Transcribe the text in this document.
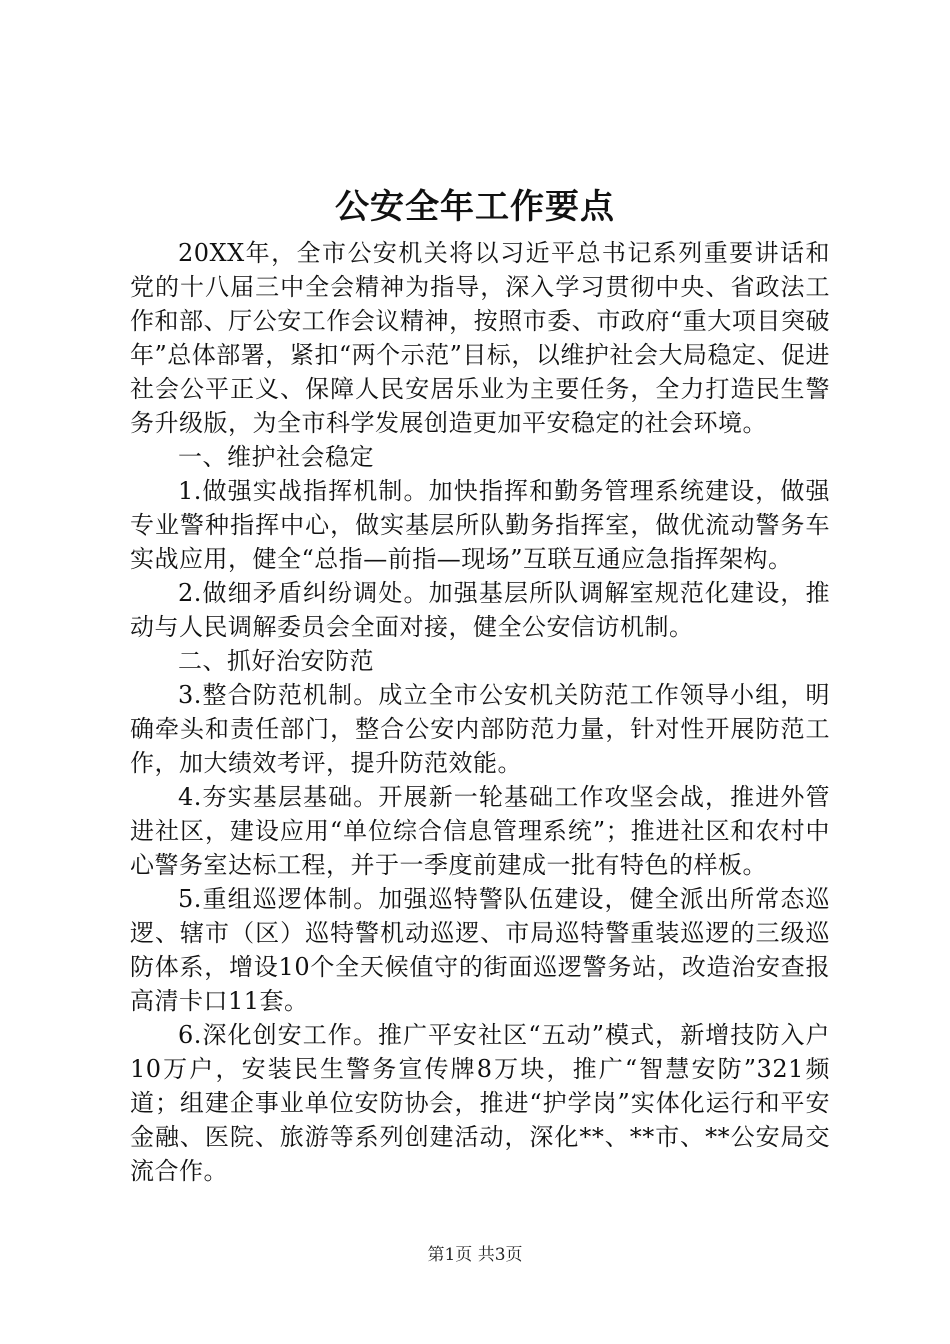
公安全年工作要点

20XX年，全市公安机关将以习近平总书记系列重要讲话和党的十八届三中全会精神为指导，深入学习贯彻中央、省政法工作和部、厅公安工作会议精神，按照市委、市政府“重大项目突破年”总体部署，紧扣“两个示范”目标，以维护社会大局稳定、促进社会公平正义、保障人民安居乐业为主要任务，全力打造民生警务升级版，为全市科学发展创造更加平安稳定的社会环境。

一、维护社会稳定

1.做强实战指挥机制。加快指挥和勤务管理系统建设，做强专业警种指挥中心，做实基层所队勤务指挥室，做优流动警务车实战应用，健全“总指—前指—现场”互联互通应急指挥架构。

2.做细矛盾纠纷调处。加强基层所队调解室规范化建设，推动与人民调解委员会全面对接，健全公安信访机制。

二、抓好治安防范

3.整合防范机制。成立全市公安机关防范工作领导小组，明确牵头和责任部门，整合公安内部防范力量，针对性开展防范工作，加大绩效考评，提升防范效能。

4.夯实基层基础。开展新一轮基础工作攻坚会战，推进外管进社区，建设应用“单位综合信息管理系统”；推进社区和农村中心警务室达标工程，并于一季度前建成一批有特色的样板。

5.重组巡逻体制。加强巡特警队伍建设，健全派出所常态巡逻、辖市（区）巡特警机动巡逻、市局巡特警重装巡逻的三级巡防体系，增设10个全天候值守的街面巡逻警务站，改造治安查报高清卡口11套。

6.深化创安工作。推广平安社区“五动”模式，新增技防入户10万户，安装民生警务宣传牌8万块，推广“智慧安防”321频道；组建企事业单位安防协会，推进“护学岗”实体化运行和平安金融、医院、旅游等系列创建活动，深化**、**市、**公安局交流合作。

第1页 共3页
